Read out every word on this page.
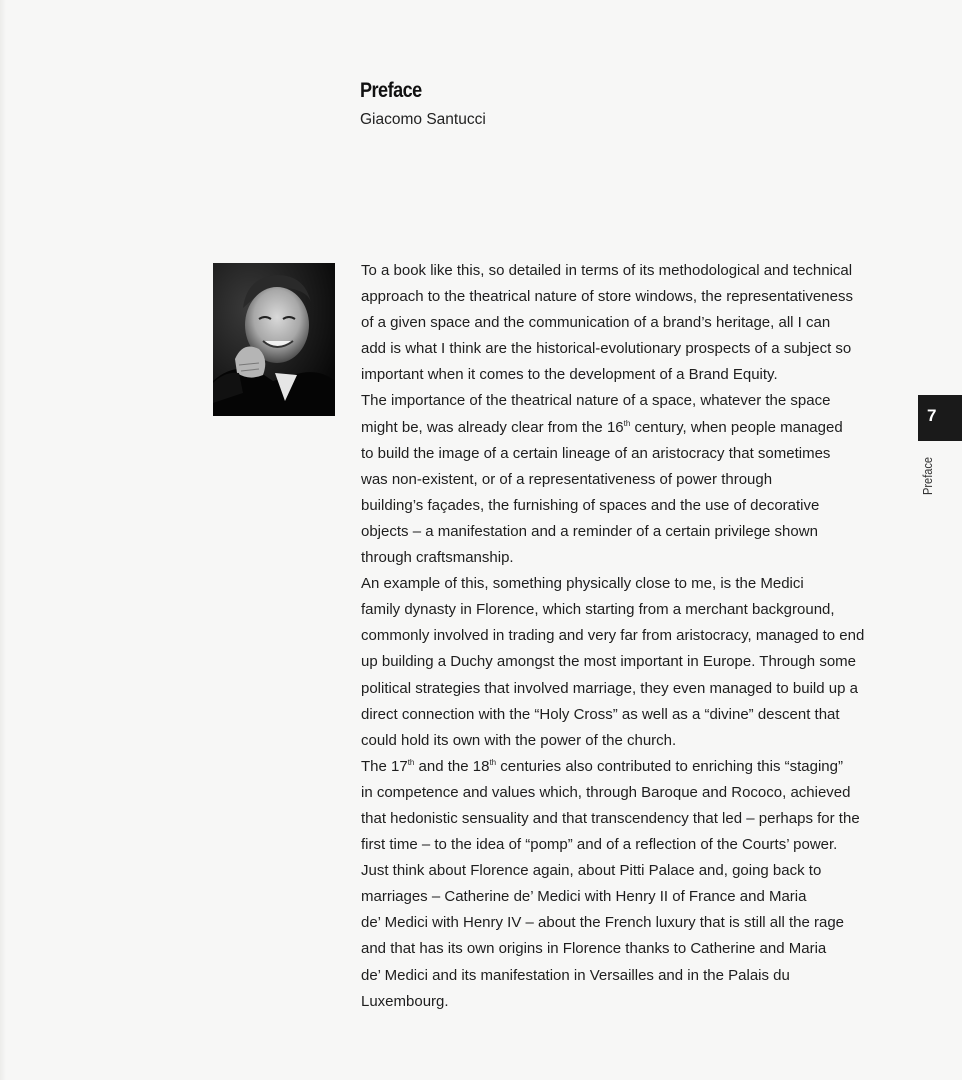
Preface
Giacomo Santucci
To a book like this, so detailed in terms of its methodological and technical
approach to the theatrical nature of store windows, the representativeness
of a given space and the communication of a brand’s heritage, all I can
add is what I think are the historical-evolutionary prospects of a subject so
important when it comes to the development of a Brand Equity.
The importance of the theatrical nature of a space, whatever the space
might be, was already clear from the 16th century, when people managed
to build the image of a certain lineage of an aristocracy that sometimes
was non-existent, or of a representativeness of power through
building’s façades, the furnishing of spaces and the use of decorative
objects – a manifestation and a reminder of a certain privilege shown
through craftsmanship.
An example of this, something physically close to me, is the Medici
family dynasty in Florence, which starting from a merchant background,
commonly involved in trading and very far from aristocracy, managed to end
up building a Duchy amongst the most important in Europe. Through some
political strategies that involved marriage, they even managed to build up a
direct connection with the “Holy Cross” as well as a “divine” descent that
could hold its own with the power of the church.
The 17th and the 18th centuries also contributed to enriching this “staging”
in competence and values which, through Baroque and Rococo, achieved
that hedonistic sensuality and that transcendency that led – perhaps for the
first time – to the idea of “pomp” and of a reflection of the Courts’ power.
Just think about Florence again, about Pitti Palace and, going back to
marriages – Catherine de’ Medici with Henry II of France and Maria
de’ Medici with Henry IV – about the French luxury that is still all the rage
and that has its own origins in Florence thanks to Catherine and Maria
de’ Medici and its manifestation in Versailles and in the Palais du
Luxembourg.
7
Preface
